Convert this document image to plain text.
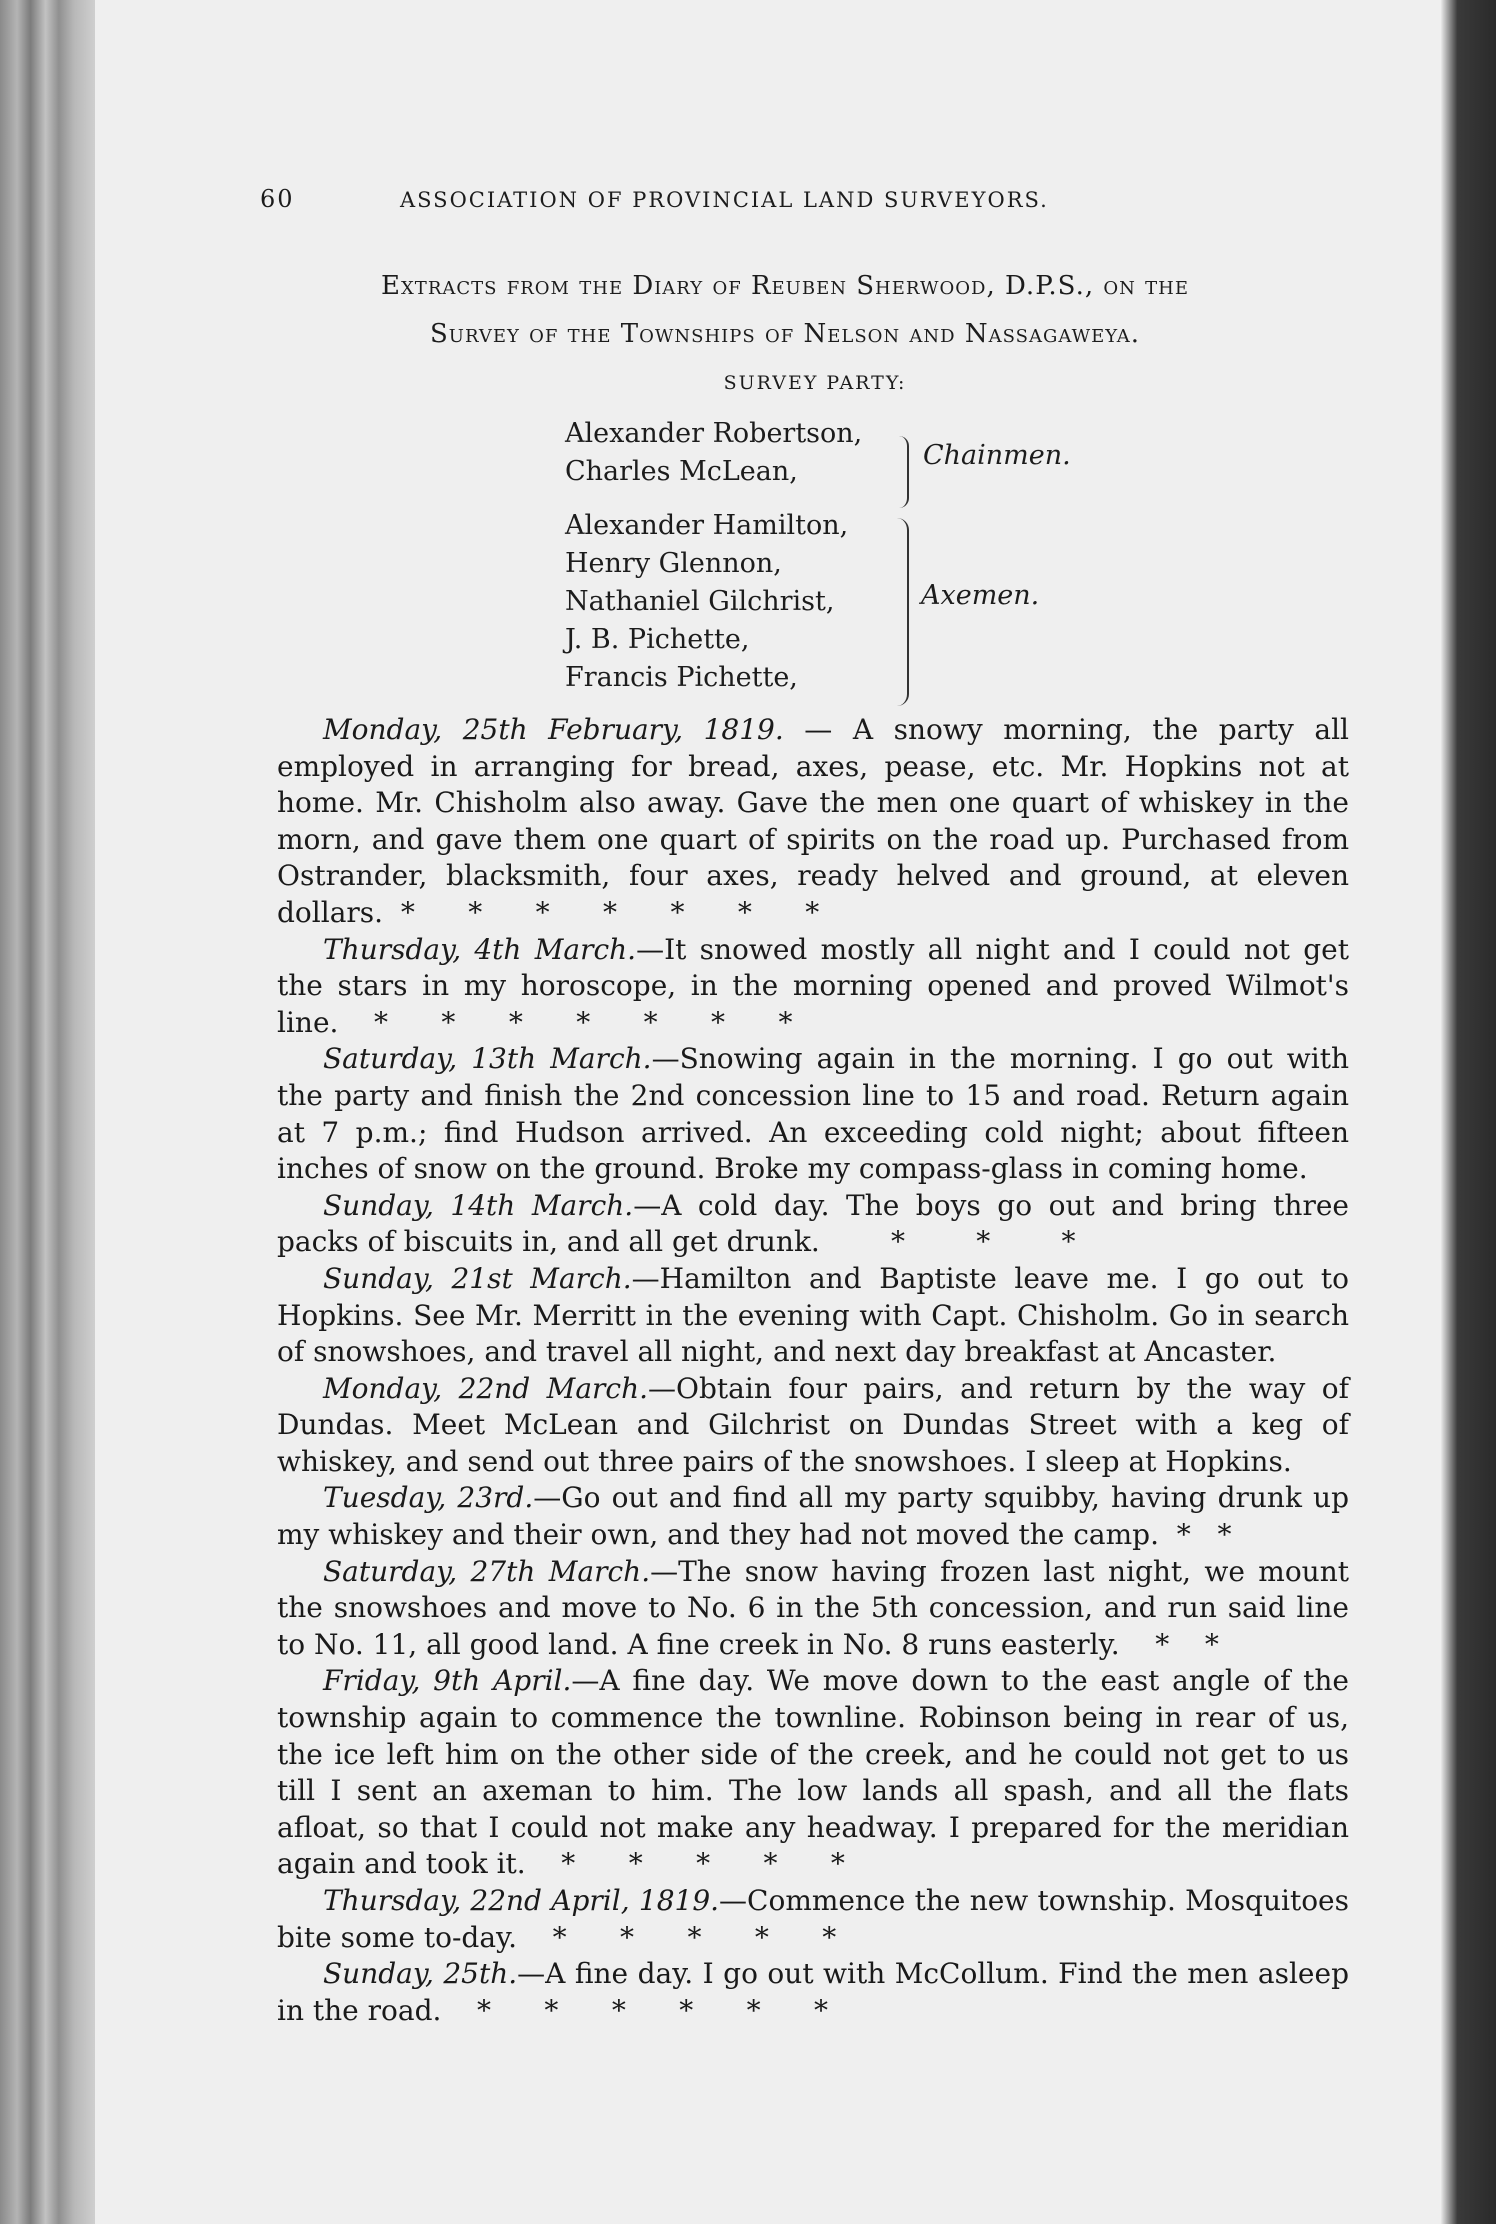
60	ASSOCIATION OF PROVINCIAL LAND SURVEYORS.
Extracts from the Diary of Reuben Sherwood, D.P.S., on the
Survey of the Townships of Nelson and Nassagaweya.
SURVEY PARTY:
Alexander Robertson,
Charles McLean,
Chainmen.
Alexander Hamilton,
Henry Glennon,
Nathaniel Gilchrist,
J. B. Pichette,
Francis Pichette,
Axemen.

Monday, 25th February, 1819. — A snowy morning, the party all employed in arranging for bread, axes, pease, etc. Mr. Hopkins not at home. Mr. Chisholm also away. Gave the men one quart of whiskey in the morn, and gave them one quart of spirits on the road up. Purchased from Ostrander, blacksmith, four axes, ready helved and ground, at eleven dollars.  *      *      *      *      *      *      *

Thursday, 4th March.—It snowed mostly all night and I could not get the stars in my horoscope, in the morning opened and proved Wilmot's line.    *      *      *      *      *      *      *

Saturday, 13th March.—Snowing again in the morning. I go out with the party and finish the 2nd concession line to 15 and road. Return again at 7 p.m.; find Hudson arrived. An exceeding cold night; about fifteen inches of snow on the ground. Broke my compass-glass in coming home.

Sunday, 14th March.—A cold day. The boys go out and bring three packs of biscuits in, and all get drunk.        *        *        *

Sunday, 21st March.—Hamilton and Baptiste leave me. I go out to Hopkins. See Mr. Merritt in the evening with Capt. Chisholm. Go in search of snowshoes, and travel all night, and next day breakfast at Ancaster.

Monday, 22nd March.—Obtain four pairs, and return by the way of Dundas. Meet McLean and Gilchrist on Dundas Street with a keg of whiskey, and send out three pairs of the snowshoes. I sleep at Hopkins.

Tuesday, 23rd.—Go out and find all my party squibby, having drunk up my whiskey and their own, and they had not moved the camp.  *   *

Saturday, 27th March.—The snow having frozen last night, we mount the snowshoes and move to No. 6 in the 5th concession, and run said line to No. 11, all good land. A fine creek in No. 8 runs easterly.    *    *

Friday, 9th April.—A fine day. We move down to the east angle of the township again to commence the townline. Robinson being in rear of us, the ice left him on the other side of the creek, and he could not get to us till I sent an axeman to him. The low lands all spash, and all the flats afloat, so that I could not make any headway. I prepared for the meridian again and took it.    *      *      *      *      *

Thursday, 22nd April, 1819.—Commence the new township. Mosquitoes bite some to-day.    *      *      *      *      *

Sunday, 25th.—A fine day. I go out with McCollum. Find the men asleep in the road.    *      *      *      *      *      *
